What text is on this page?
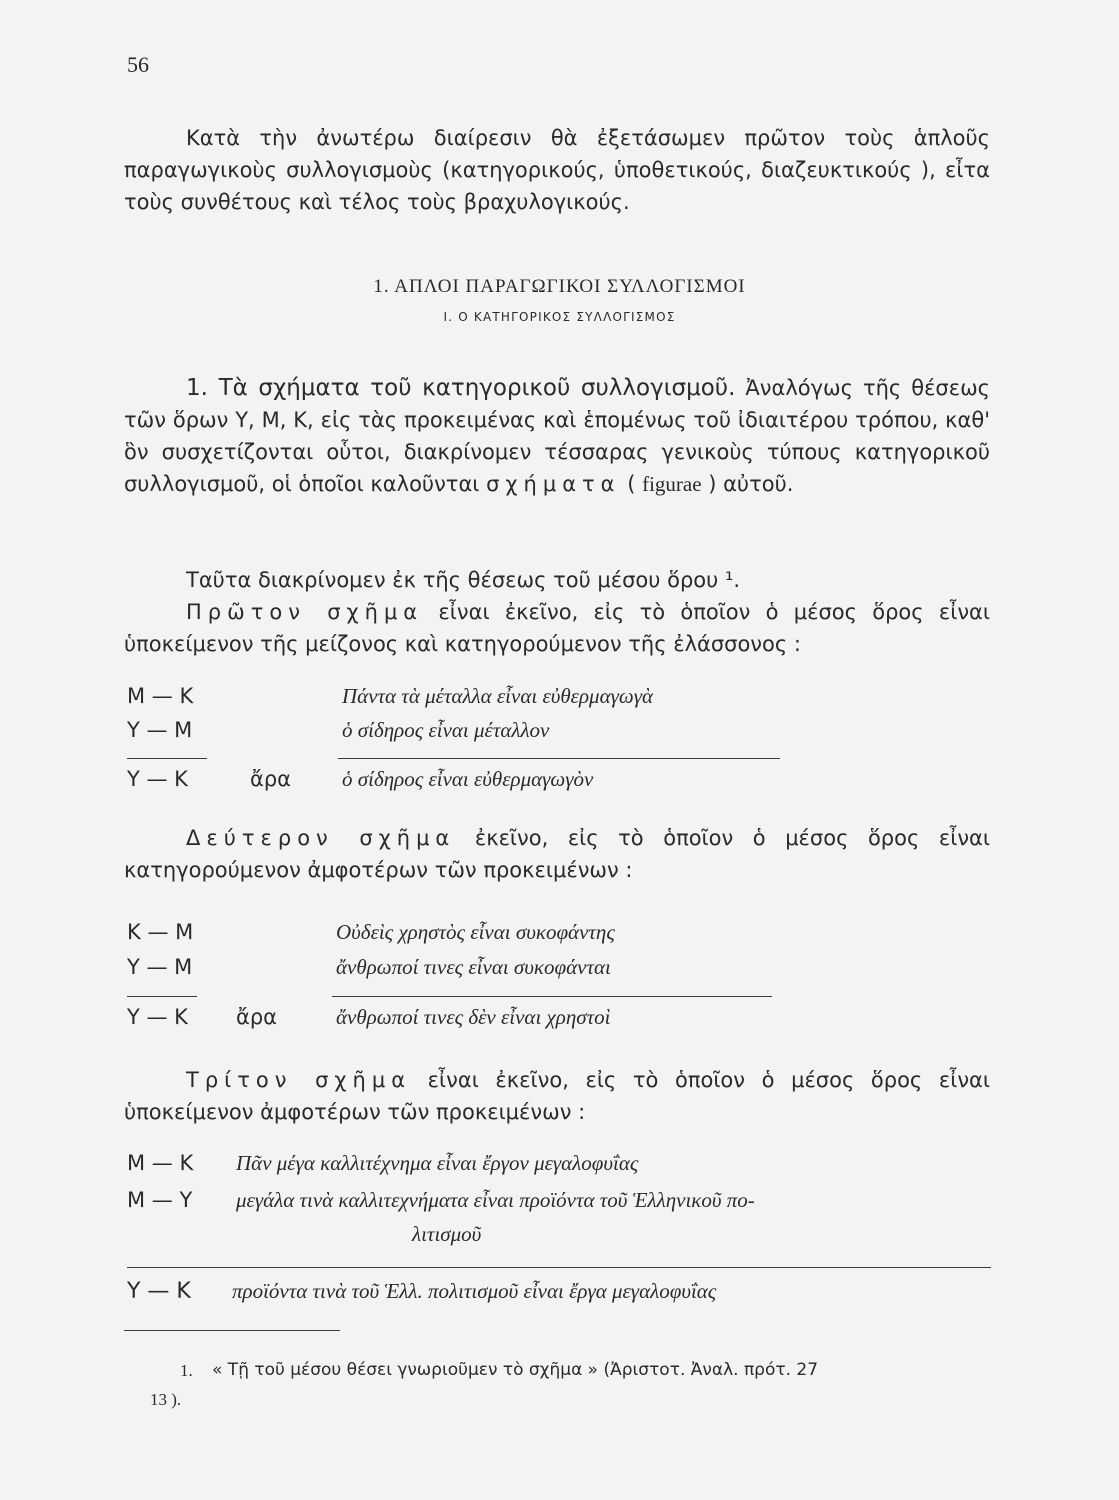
56
Κατὰ τὴν ἀνωτέρω διαίρεσιν θὰ ἐξετάσωμεν πρῶτον τοὺς ἁπλοῦς παραγωγικοὺς συλλογισμοὺς (κατηγορικούς, ὑποθετικούς, διαζευκτικούς ), εἶτα τοὺς συνθέτους καὶ τέλος τοὺς βραχυλογικούς.
1. ΑΠΛΟΙ ΠΑΡΑΓΩΓΙΚΟΙ ΣΥΛΛΟΓΙΣΜΟΙ
Ι. Ο ΚΑΤΗΓΟΡΙΚΟΣ ΣΥΛΛΟΓΙΣΜΟΣ
1. Τὰ σχήματα τοῦ κατηγορικοῦ συλλογισμοῦ. Ἀναλόγως τῆς θέσεως τῶν ὅρων Υ, Μ, Κ, εἰς τὰς προκειμένας καὶ ἑπομένως τοῦ ἰδιαιτέρου τρόπου, καθ' ὃν συσχετίζονται οὗτοι, διακρίνομεν τέσσαρας γενικοὺς τύπους κατηγορικοῦ συλλογισμοῦ, οἱ ὁποῖοι καλοῦνται σχήματα ( figurae ) αὐτοῦ.
Ταῦτα διακρίνομεν ἐκ τῆς θέσεως τοῦ μέσου ὅρου ¹.
Πρῶτον σχῆμα εἶναι ἐκεῖνο, εἰς τὸ ὁποῖον ὁ μέσος ὅρος εἶναι ὑποκείμενον τῆς μείζονος καὶ κατηγορούμενον τῆς ἐλάσσονος :
Μ — Κ	Πάντα τὰ μέταλλα εἶναι εὐθερμαγωγὰ
Υ — Μ	ὁ σίδηρος εἶναι μέταλλον
Υ — Κ	ἄρα ὁ σίδηρος εἶναι εὐθερμαγωγὸν
Δεύτερον σχῆμα ἐκεῖνο, εἰς τὸ ὁποῖον ὁ μέσος ὅρος εἶναι κατηγορούμενον ἀμφοτέρων τῶν προκειμένων :
Κ — Μ	Οὐδεὶς χρηστὸς εἶναι συκοφάντης
Υ — Μ	ἄνθρωποί τινες εἶναι συκοφάνται
Υ — Κ ἄρα	ἄνθρωποί τινες δὲν εἶναι χρηστοὶ
Τρίτον σχῆμα εἶναι ἐκεῖνο, εἰς τὸ ὁποῖον ὁ μέσος ὅρος εἶναι ὑποκείμενον ἀμφοτέρων τῶν προκειμένων :
Μ — Κ Πᾶν μέγα καλλιτέχνημα εἶναι ἔργον μεγαλοφυΐας
Μ — Υ μεγάλα τινὰ καλλιτεχνήματα εἶναι προϊόντα τοῦ Ἑλληνικοῦ πο-
λιτισμοῦ
Υ — Κ προϊόντα τινὰ τοῦ Ἑλλ. πολιτισμοῦ εἶναι ἔργα μεγαλοφυΐας
1. « Τῇ τοῦ μέσου θέσει γνωριοῦμεν τὸ σχῆμα » (Ἀριστοτ. Ἀναλ. πρότ. 27
13 ).
